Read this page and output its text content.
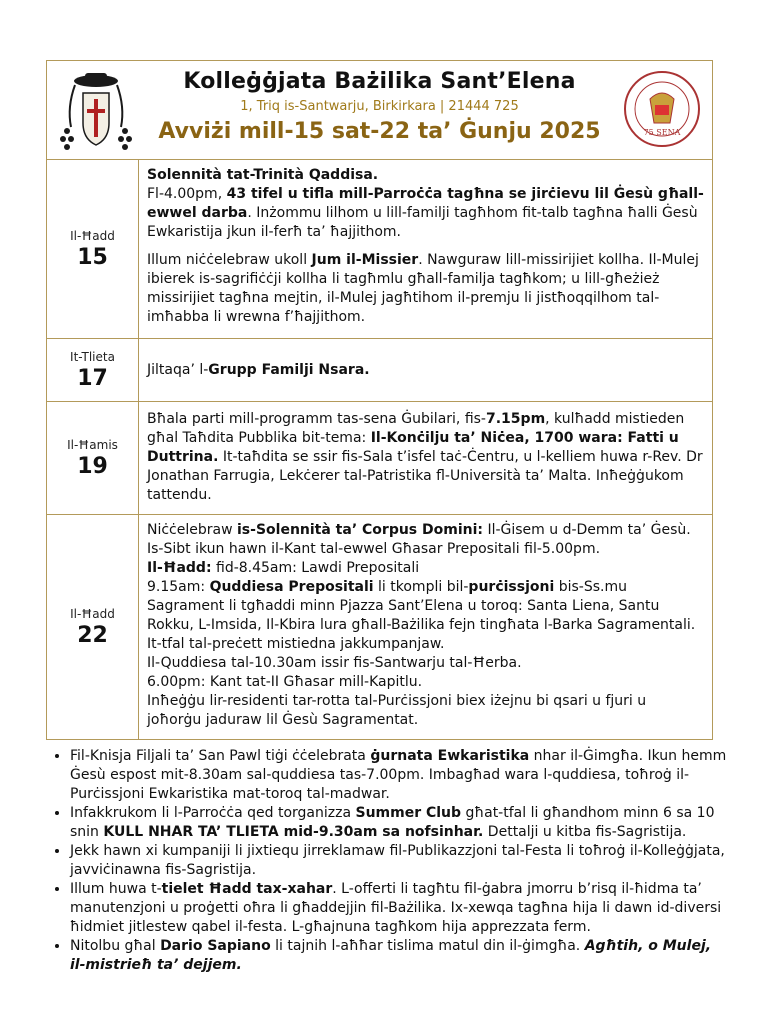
Kolleġġjata Bażilika Sant’Elena
1, Triq is-Santwarju, Birkirkara | 21444 725
Avviżi mill-15 sat-22 ta’ Ġunju 2025	75 SENA
Il-Ħadd
15

Solennità tat-Trinità Qaddisa.

Fl-4.00pm, 43 tifel u tifla mill-Parroċċa tagħna se jirċievu lil Ġesù għall-ewwel darba. Inżommu lilhom u lill-familji tagħhom fit-talb tagħna ħalli Ġesù Ewkaristija jkun il-ferħ ta’ ħajjithom.

Illum niċċelebraw ukoll Jum il-Missier. Nawguraw lill-missirijiet kollha. Il-Mulej ibierek is-sagrifiċċji kollha li tagħmlu għall-familja tagħkom; u lill-għeżież missirijiet tagħna mejtin, il-Mulej jagħtihom il-premju li jistħoqqilhom tal-imħabba li wrewna f’ħajjithom.

It-Tlieta
17	Jiltaqa’ l-Grupp Familji Nsara.

Il-Ħamis
19

Bħala parti mill-programm tas-sena Ġubilari, fis-7.15pm, kulħadd mistieden għal Taħdita Pubblika bit-tema: Il-Konċilju ta’ Niċea, 1700 wara: Fatti u Duttrina. It-taħdita se ssir fis-Sala t’isfel taċ-Ċentru, u l-kelliem huwa r-Rev. Dr Jonathan Farrugia, Lekċerer tal-Patristika fl-Università ta’ Malta. Inħeġġukom tattendu.

Il-Ħadd
22

Niċċelebraw is-Solennità ta’ Corpus Domini: Il-Ġisem u d-Demm ta’ Ġesù.

Is-Sibt ikun hawn il-Kant tal-ewwel Għasar Prepositali fil-5.00pm.

Il-Ħadd: fid-8.45am: Lawdi Prepositali

9.15am: Quddiesa Prepositali li tkompli bil-purċissjoni bis-Ss.mu Sagrament li tgħaddi minn Pjazza Sant’Elena u toroq: Santa Liena, Santu Rokku, L-Imsida, Il-Kbira lura għall-Bażilika fejn tingħata l-Barka Sagramentali. It-tfal tal-preċett mistiedna jakkumpanjaw.

Il-Quddiesa tal-10.30am issir fis-Santwarju tal-Ħerba.

6.00pm: Kant tat-II Għasar mill-Kapitlu.

Inħeġġu lir-residenti tar-rotta tal-Purċissjoni biex iżejnu bi qsari u fjuri u joħorġu jaduraw lil Ġesù Sagramentat.

• Fil-Knisja Filjali ta’ San Pawl tiġi ċċelebrata ġurnata Ewkaristika nhar il-Ġimgħa. Ikun hemm Ġesù espost mit-8.30am sal-quddiesa tas-7.00pm. Imbagħad wara l-quddiesa, toħroġ il-Purċissjoni Ewkaristika mat-toroq tal-madwar.
• Infakkrukom li l-Parroċċa qed torganizza Summer Club għat-tfal li għandhom minn 6 sa 10 snin KULL NHAR TA’ TLIETA mid-9.30am sa nofsinhar. Dettalji u kitba fis-Sagristija.
• Jekk hawn xi kumpaniji li jixtiequ jirreklamaw fil-Publikazzjoni tal-Festa li toħroġ il-Kolleġġjata, javviċinawna fis-Sagristija.
• Illum huwa t-tielet Ħadd tax-xahar. L-offerti li tagħtu fil-ġabra jmorru b’risq il-ħidma ta’ manutenzjoni u proġetti oħra li għaddejjin fil-Bażilika. Ix-xewqa tagħna hija li dawn id-diversi ħidmiet jitlestew qabel il-festa. L-għajnuna tagħkom hija apprezzata ferm.
• Nitolbu għal Dario Sapiano li tajnih l-aħħar tislima matul din il-ġimgħa. Agħtih, o Mulej, il-mistrieħ ta’ dejjem.
